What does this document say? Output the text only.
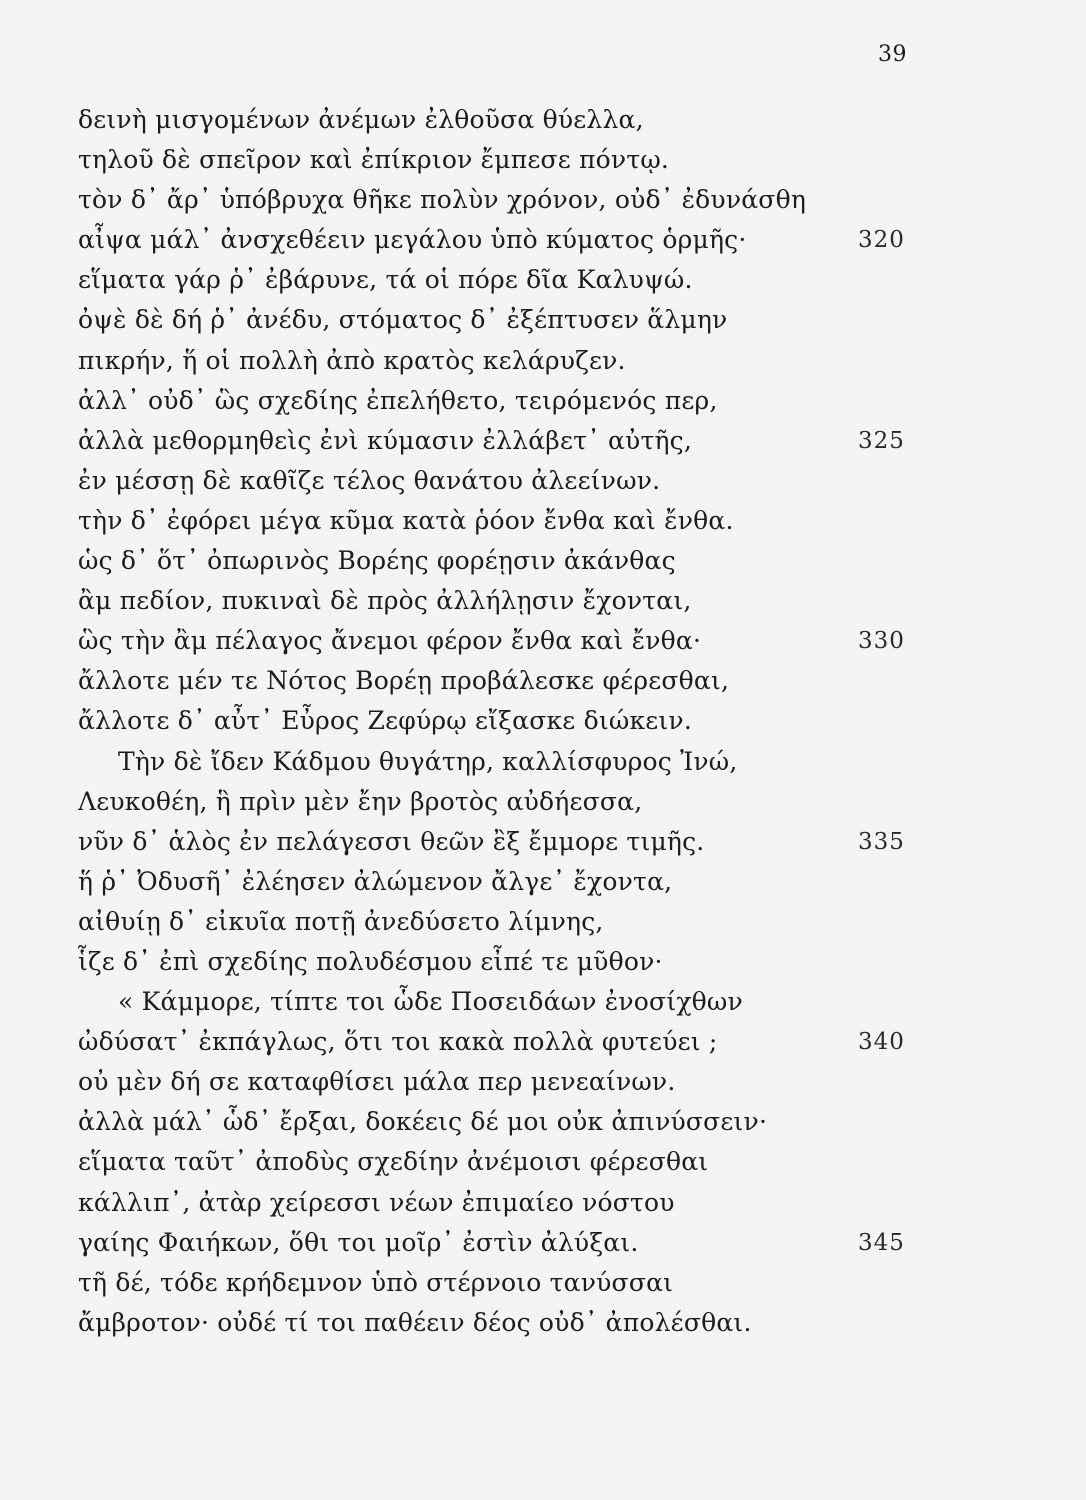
39
δεινὴ μισγομένων ἀνέμων ἐλθοῦσα θύελλα,
τηλοῦ δὲ σπεῖρον καὶ ἐπίκριον ἔμπεσε πόντῳ.
τὸν δ᾽ ἄρ᾽ ὑπόβρυχα θῆκε πολὺν χρόνον, οὐδ᾽ ἐδυνάσθη
αἶψα μάλ᾽ ἀνσχεθέειν μεγάλου ὑπὸ κύματος ὁρμῆς·	320
εἵματα γάρ ῥ᾽ ἐβάρυνε, τά οἱ πόρε δῖα Καλυψώ.
ὀψὲ δὲ δή ῥ᾽ ἀνέδυ, στόματος δ᾽ ἐξέπτυσεν ἅλμην
πικρήν, ἥ οἱ πολλὴ ἀπὸ κρατὸς κελάρυζεν.
ἀλλ᾽ οὐδ᾽ ὣς σχεδίης ἐπελήθετο, τειρόμενός περ,
ἀλλὰ μεθορμηθεὶς ἐνὶ κύμασιν ἐλλάβετ᾽ αὐτῆς,	325
ἐν μέσσῃ δὲ καθῖζε τέλος θανάτου ἀλεείνων.
τὴν δ᾽ ἐφόρει μέγα κῦμα κατὰ ῥόον ἔνθα καὶ ἔνθα.
ὡς δ᾽ ὅτ᾽ ὀπωρινὸς Βορέης φορέῃσιν ἀκάνθας
ἂμ πεδίον, πυκιναὶ δὲ πρὸς ἀλλήλῃσιν ἔχονται,
ὣς τὴν ἂμ πέλαγος ἄνεμοι φέρον ἔνθα καὶ ἔνθα·	330
ἄλλοτε μέν τε Νότος Βορέῃ προβάλεσκε φέρεσθαι,
ἄλλοτε δ᾽ αὖτ᾽ Εὖρος Ζεφύρῳ εἴξασκε διώκειν.
Τὴν δὲ ἴδεν Κάδμου θυγάτηρ, καλλίσφυρος Ἰνώ,
Λευκοθέη, ἣ πρὶν μὲν ἔην βροτὸς αὐδήεσσα,
νῦν δ᾽ ἁλὸς ἐν πελάγεσσι θεῶν ἒξ ἔμμορε τιμῆς.	335
ἥ ῥ᾽ Ὀδυσῆ᾽ ἐλέησεν ἀλώμενον ἄλγε᾽ ἔχοντα,
αἰθυίῃ δ᾽ εἰκυῖα ποτῇ ἀνεδύσετο λίμνης,
ἷζε δ᾽ ἐπὶ σχεδίης πολυδέσμου εἶπέ τε μῦθον·
« Κάμμορε, τίπτε τοι ὧδε Ποσειδάων ἐνοσίχθων
ὠδύσατ᾽ ἐκπάγλως, ὅτι τοι κακὰ πολλὰ φυτεύει ;	340
οὐ μὲν δή σε καταφθίσει μάλα περ μενεαίνων.
ἀλλὰ μάλ᾽ ὧδ᾽ ἔρξαι, δοκέεις δέ μοι οὐκ ἀπινύσσειν·
εἵματα ταῦτ᾽ ἀποδὺς σχεδίην ἀνέμοισι φέρεσθαι
κάλλιπ᾽, ἀτὰρ χείρεσσι νέων ἐπιμαίεο νόστου
γαίης Φαιήκων, ὅθι τοι μοῖρ᾽ ἐστὶν ἀλύξαι.	345
τῆ δέ, τόδε κρήδεμνον ὑπὸ στέρνοιο τανύσσαι
ἄμβροτον· οὐδέ τί τοι παθέειν δέος οὐδ᾽ ἀπολέσθαι.
